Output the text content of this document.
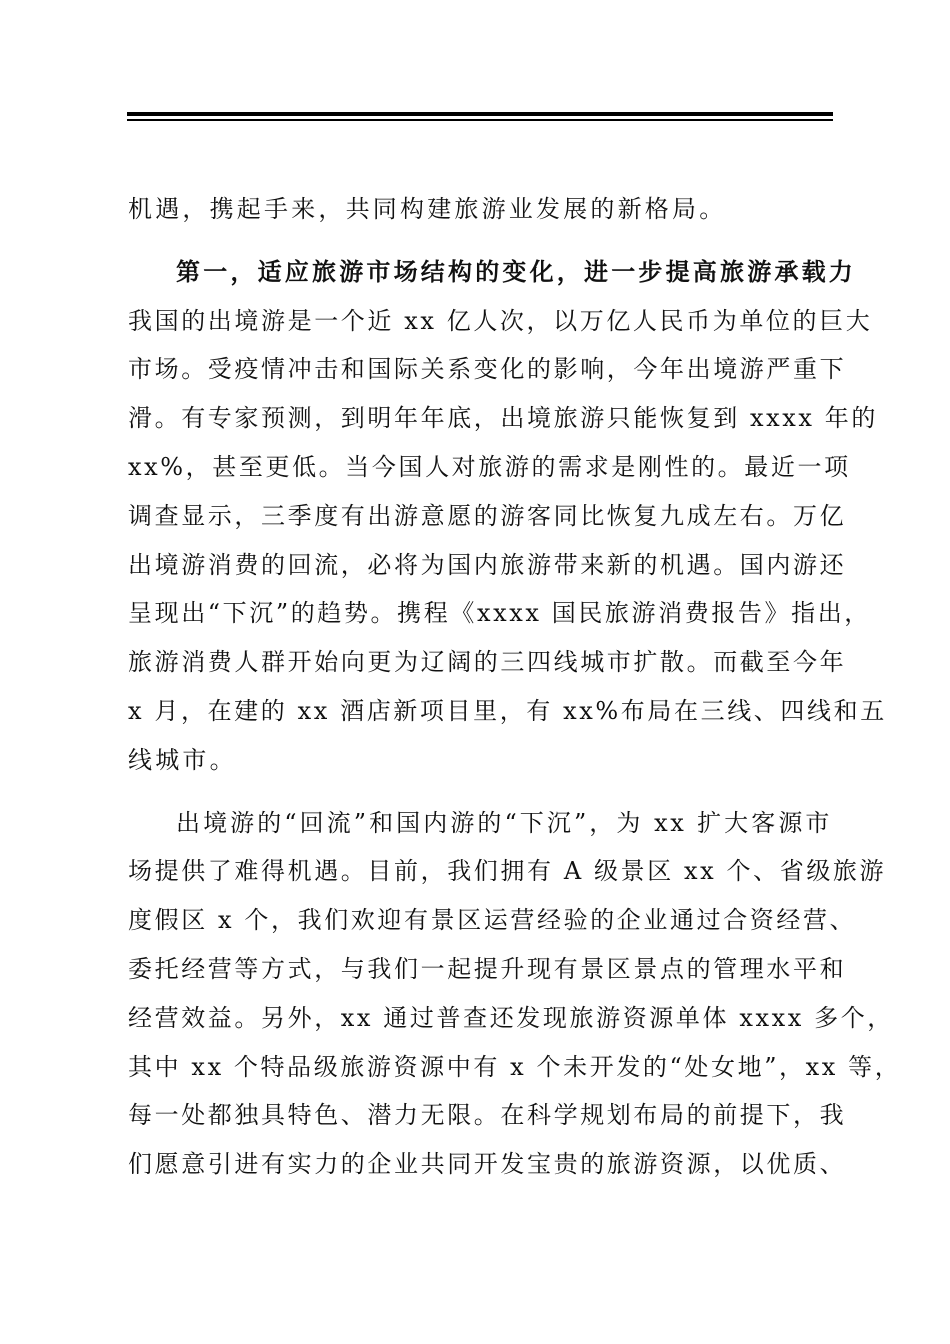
机遇，携起手来，共同构建旅游业发展的新格局。
第一，适应旅游市场结构的变化，进一步提高旅游承载力
我国的出境游是一个近 xx 亿人次，以万亿人民币为单位的巨大
市场。受疫情冲击和国际关系变化的影响，今年出境游严重下
滑。有专家预测，到明年年底，出境旅游只能恢复到 xxxx 年的
xx%，甚至更低。当今国人对旅游的需求是刚性的。最近一项
调查显示，三季度有出游意愿的游客同比恢复九成左右。万亿
出境游消费的回流，必将为国内旅游带来新的机遇。国内游还
呈现出“下沉”的趋势。携程《xxxx 国民旅游消费报告》指出，
旅游消费人群开始向更为辽阔的三四线城市扩散。而截至今年
x 月，在建的 xx 酒店新项目里，有 xx%布局在三线、四线和五
线城市。
出境游的“回流”和国内游的“下沉”，为 xx 扩大客源市
场提供了难得机遇。目前，我们拥有 A 级景区 xx 个、省级旅游
度假区 x 个，我们欢迎有景区运营经验的企业通过合资经营、
委托经营等方式，与我们一起提升现有景区景点的管理水平和
经营效益。另外，xx 通过普查还发现旅游资源单体 xxxx 多个，
其中 xx 个特品级旅游资源中有 x 个未开发的“处女地”，xx 等，
每一处都独具特色、潜力无限。在科学规划布局的前提下，我
们愿意引进有实力的企业共同开发宝贵的旅游资源，以优质、
